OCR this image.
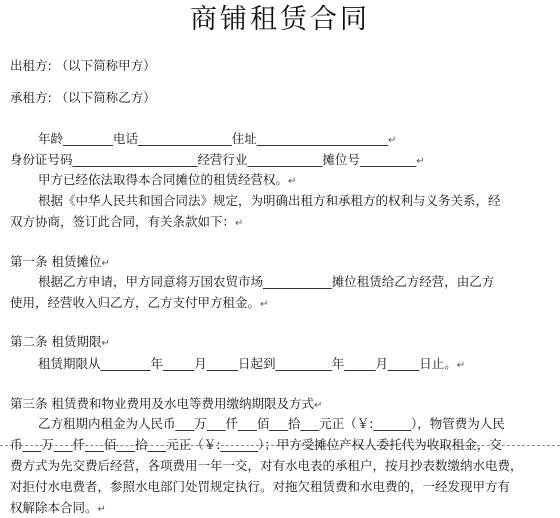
商铺租赁合同
出租方: （以下简称甲方）
承租方: （以下简称乙方）
年龄________电话_______________住址_____________________↵
身份证号码____________________经营行业____________摊位号_________↵
甲方已经依法取得本合同摊位的租赁经营权。↵
根据《中华人民共和国合同法》规定，为明确出租方和承租方的权利与义务关系，经
双方协商，签订此合同，有关条款如下：↵
第一条 租赁摊位↵
根据乙方申请，甲方同意将万国农贸市场___________摊位租赁给乙方经营，由乙方
使用，经营收入归乙方，乙方支付甲方租金。↵
第二条 租赁期限↵
租赁期限从________年_____月_____日起到_________年_____月_____日止。↵
第三条 租赁费和物业费用及水电等费用缴纳期限及方式↵
乙方租期内租金为人民币___万___仟___佰___拾___元正（￥:______），物管费为人民
币___万___仟___佰___拾___元正（￥:______）；甲方受摊位产权人委托代为收取租金，交
费方式为先交费后经营，各项费用一年一交，对有水电表的承租户，按月抄表数缴纳水电费，
对拒付水电费者，参照水电部门处罚规定执行。对拖欠租赁费和水电费的，一经发现甲方有
权解除本合同。↵
